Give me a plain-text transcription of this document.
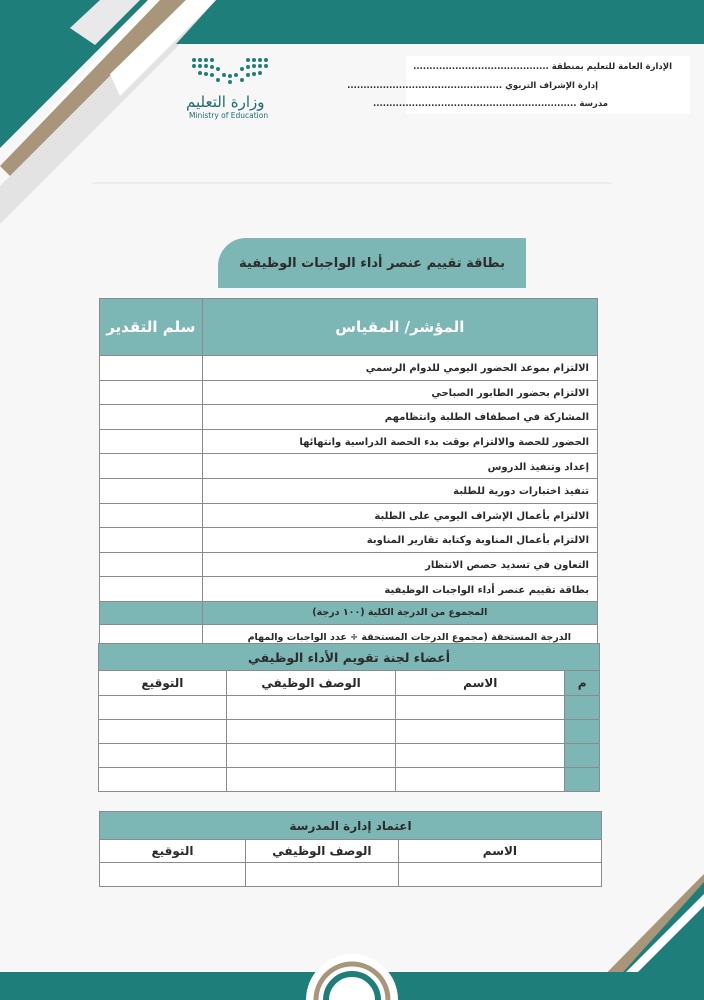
الإدارة العامة للتعليم بمنطقة ..........................................
إدارة الإشراف التربوي ................................................
مدرسة ...............................................................
وزارة التعليم
Ministry of Education
بطاقة تقييم عنصر أداء الواجبات الوظيفية
المؤشر/ المقياس	سلم التقدير
الالتزام بموعد الحضور اليومي للدوام الرسمي	
الالتزام بحضور الطابور الصباحي	
المشاركة في اصطفاف الطلبة وانتظامهم	
الحضور للحصة والالتزام بوقت بدء الحصة الدراسية وانتهائها	
إعداد وتنفيذ الدروس	
تنفيذ اختبارات دورية للطلبة	
الالتزام بأعمال الإشراف اليومي على الطلبة	
الالتزام بأعمال المناوبة وكتابة تقارير المناوبة	
التعاون في تسديد حصص الانتظار	
بطاقة تقييم عنصر أداء الواجبات الوظيفية	
المجموع من الدرجة الكلية (١٠٠ درجة)	
الدرجة المستحقة (مجموع الدرجات المستحقة ÷ عدد الواجبات والمهام	
أعضاء لجنة تقويم الأداء الوظيفي			
م	الاسم	الوصف الوظيفي	التوقيع

اعتماد إدارة المدرسة		
الاسم	الوصف الوظيفي	التوقيع
